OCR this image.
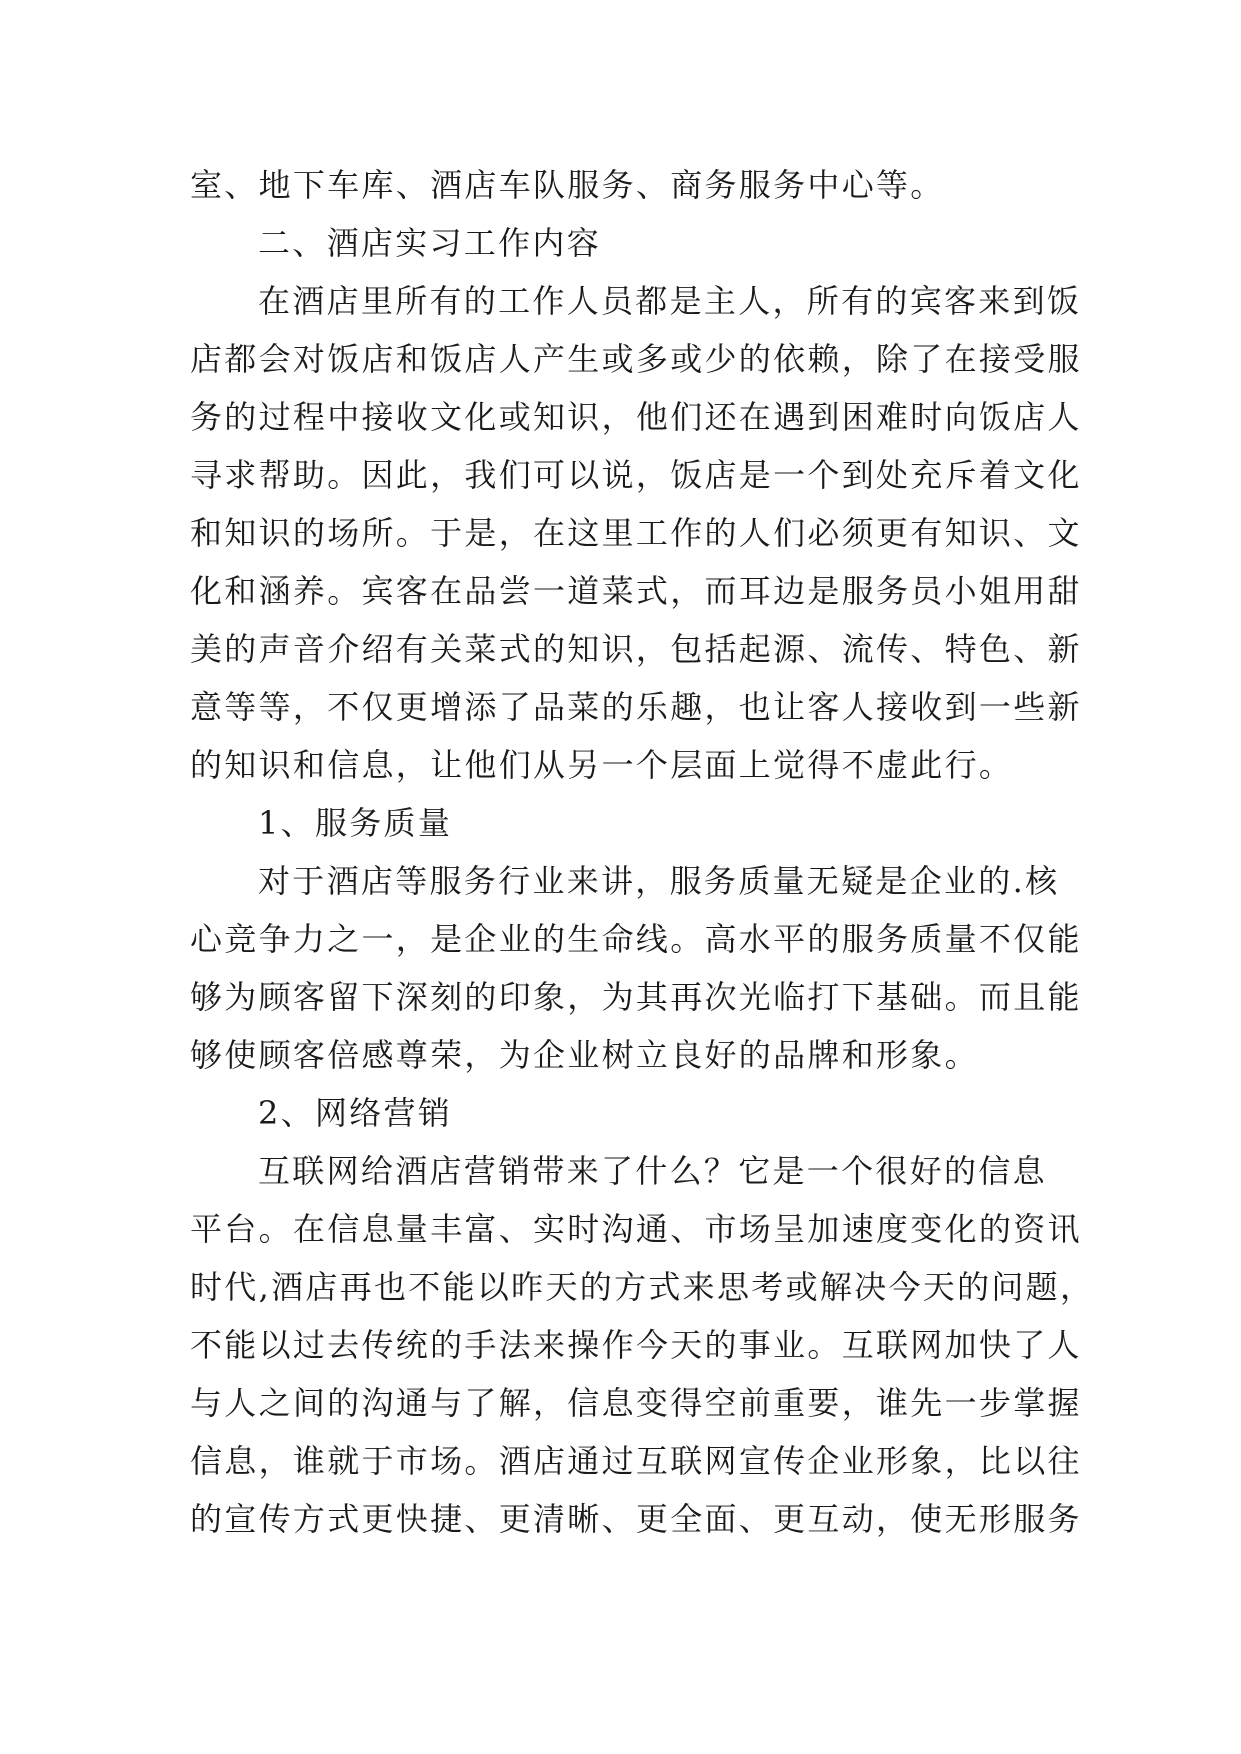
室、地下车库、酒店车队服务、商务服务中心等。
二、酒店实习工作内容
在酒店里所有的工作人员都是主人，所有的宾客来到饭
店都会对饭店和饭店人产生或多或少的依赖，除了在接受服
务的过程中接收文化或知识，他们还在遇到困难时向饭店人
寻求帮助。因此，我们可以说，饭店是一个到处充斥着文化
和知识的场所。于是，在这里工作的人们必须更有知识、文
化和涵养。宾客在品尝一道菜式，而耳边是服务员小姐用甜
美的声音介绍有关菜式的知识，包括起源、流传、特色、新
意等等，不仅更增添了品菜的乐趣，也让客人接收到一些新
的知识和信息，让他们从另一个层面上觉得不虚此行。
1、服务质量
对于酒店等服务行业来讲，服务质量无疑是企业的.核
心竞争力之一，是企业的生命线。高水平的服务质量不仅能
够为顾客留下深刻的印象，为其再次光临打下基础。而且能
够使顾客倍感尊荣，为企业树立良好的品牌和形象。
2、网络营销
互联网给酒店营销带来了什么？它是一个很好的信息
平台。在信息量丰富、实时沟通、市场呈加速度变化的资讯
时代,酒店再也不能以昨天的方式来思考或解决今天的问题，
不能以过去传统的手法来操作今天的事业。互联网加快了人
与人之间的沟通与了解，信息变得空前重要，谁先一步掌握
信息，谁就于市场。酒店通过互联网宣传企业形象，比以往
的宣传方式更快捷、更清晰、更全面、更互动，使无形服务
